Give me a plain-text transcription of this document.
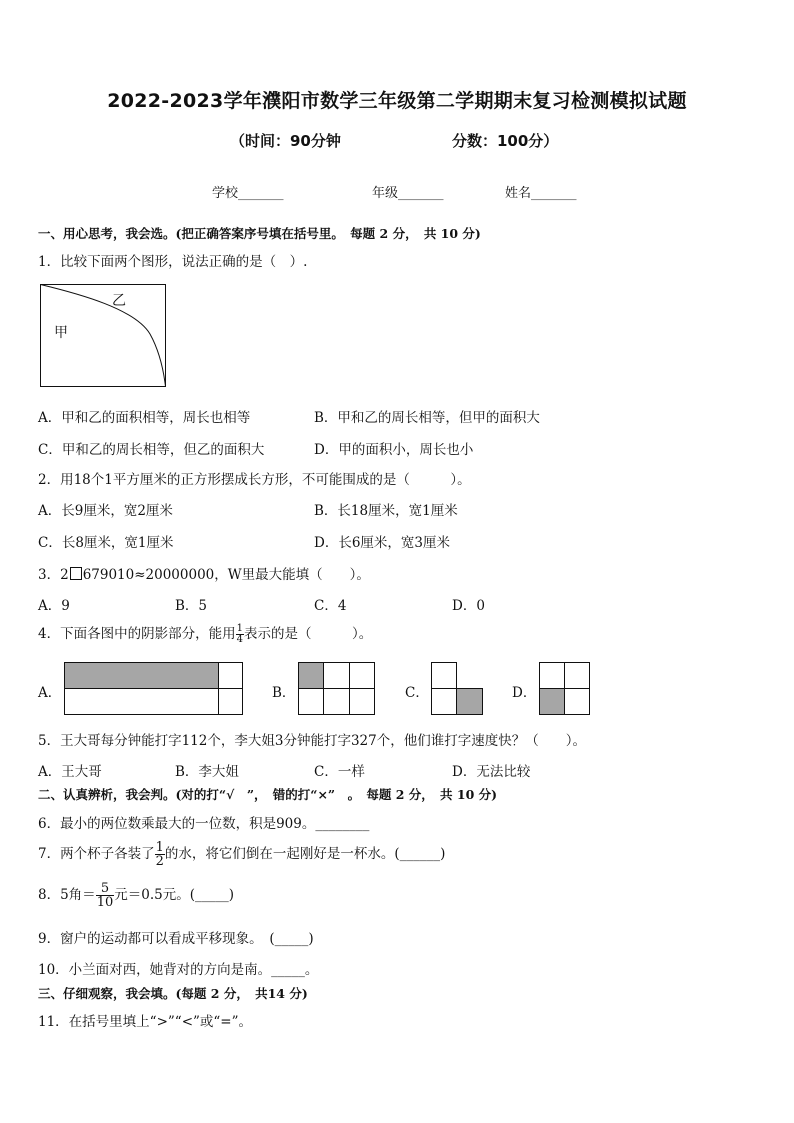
2022-2023学年濮阳市数学三年级第二学期期末复习检测模拟试题
（时间：90分钟	分数：100分）
学校_______	年级_______	姓名_______
一、用心思考，我会选。(把正确答案序号填在括号里。　每题 2 分，　共 10 分)
1．比较下面两个图形，说法正确的是（　）.
甲
乙
A．甲和乙的面积相等，周长也相等	B．甲和乙的周长相等，但甲的面积大
C．甲和乙的周长相等，但乙的面积大	D．甲的面积小，周长也小
2．用18个1平方厘米的正方形摆成长方形，不可能围成的是（　　　）。
A．长9厘米，宽2厘米	B．长18厘米，宽1厘米
C．长8厘米，宽1厘米	D．长6厘米，宽3厘米
3．2 679010≈20000000，W里最大能填（　　）。
A．9	B．5	C．4	D．0
4．下面各图中的阴影部分，能用 $\frac{1}{4}$ 表示的是（　　　）。
A．	B．	C．	D．
5．王大哥每分钟能打字112个，李大姐3分钟能打字327个，他们谁打字速度快？（　　）。
A．王大哥	B．李大姐	C．一样	D．无法比较
二、认真辨析，我会判。(对的打“√　”，　错的打“×”　。　每题 2 分，　共 10 分)
6．最小的两位数乘最大的一位数，积是909。________
7．两个杯子各装了 $\frac{1}{2}$ 的水，将它们倒在一起刚好是一杯水。(______)
8．5角＝ $\frac{5}{10}$ 元＝0.5元。(_____)
9．窗户的运动都可以看成平移现象。　(_____)
10．小兰面对西，她背对的方向是南。_____。
三、仔细观察，我会填。(每题 2 分，　共14 分)
11．在括号里填上“>”“<”或“=”。
